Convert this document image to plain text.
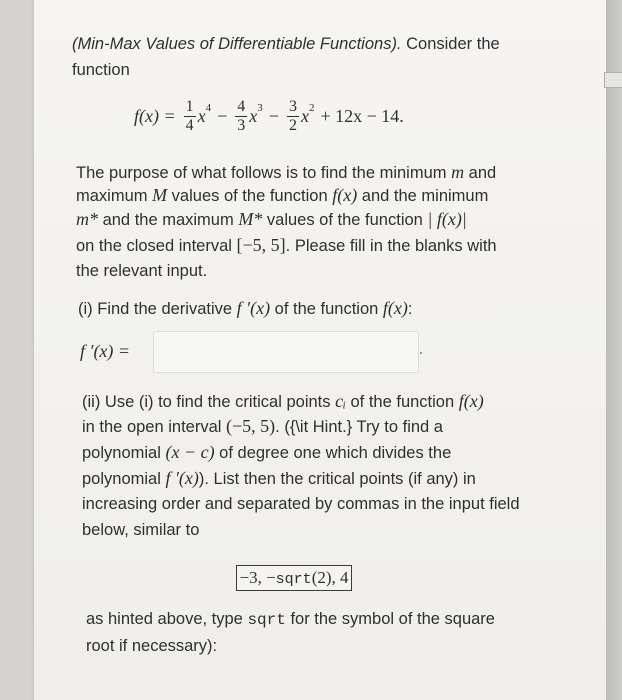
(Min-Max Values of Differentiable Functions). Consider the
function
$f(x) = \frac{1}{4}$ x $4 - \frac{4}{3}$ x $3 - \frac{3}{2}$ x 2 + 12x − 14.
The purpose of what follows is to find the minimum m and
maximum M values of the function f(x) and the minimum
m* and the maximum M* values of the function | f(x)|
on the closed interval [−5, 5]. Please fill in the blanks with
the relevant input.
(i) Find the derivative f ′(x) of the function f(x):
f ′(x) =
(ii) Use (i) to find the critical points cᵢ of the function f(x)
in the open interval (−5, 5). ({\it Hint.} Try to find a
polynomial (x − c) of degree one which divides the
polynomial f ′(x)). List then the critical points (if any) in
increasing order and separated by commas in the input field
below, similar to
−3, −sqrt(2), 4
as hinted above, type sqrt for the symbol of the square
root if necessary):
